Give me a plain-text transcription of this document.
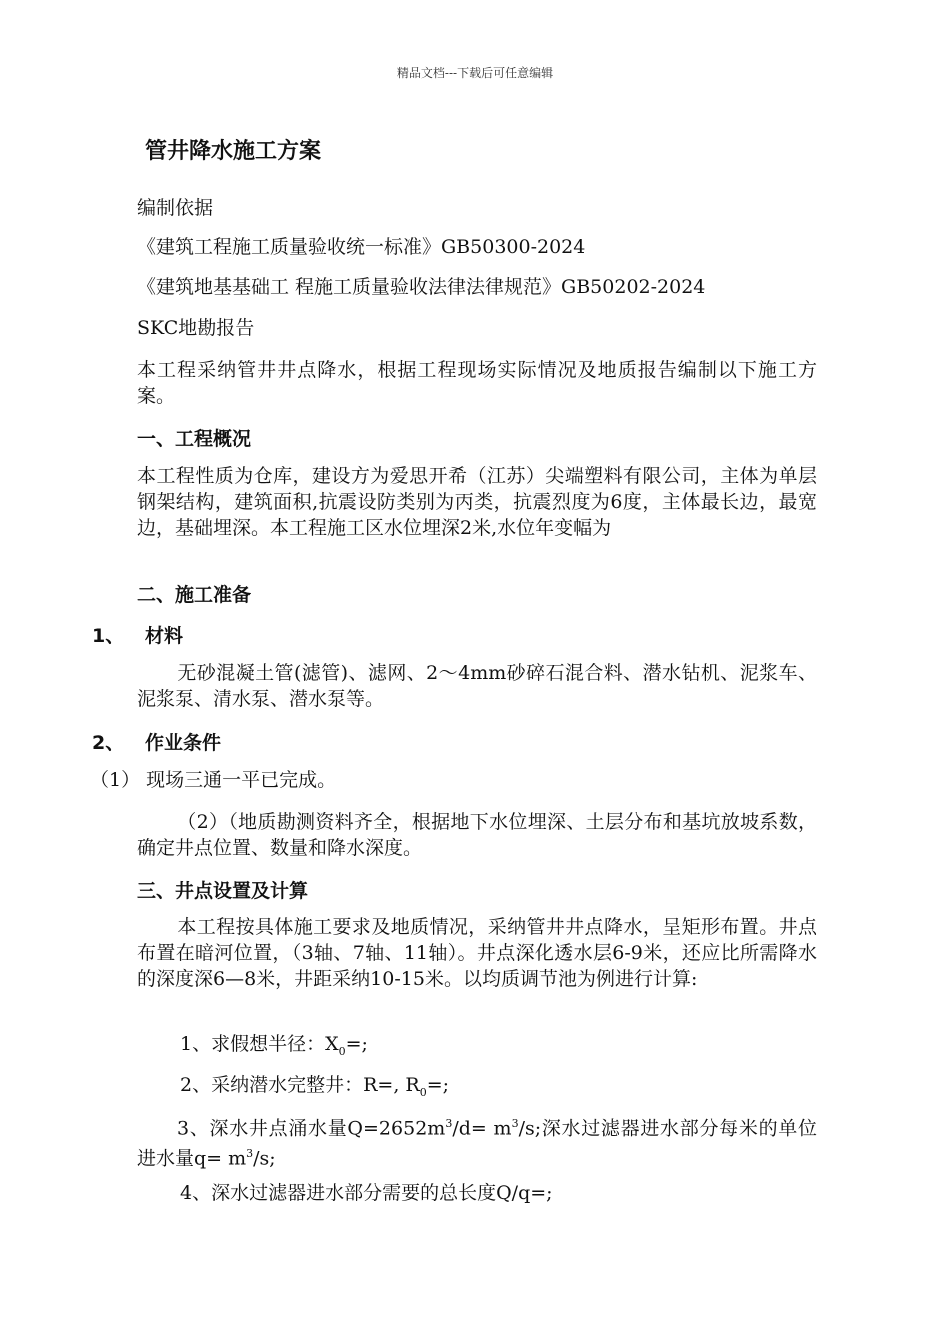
精品文档---下载后可任意编辑
管井降水施工方案
编制依据
《建筑工程施工质量验收统一标准》GB50300-2024
《建筑地基基础工 程施工质量验收法律法律规范》GB50202-2024
SKC地勘报告
本工程采纳管井井点降水，根据工程现场实际情况及地质报告编制以下施工方案。
一、工程概况
本工程性质为仓库，建设方为爱思开希（江苏）尖端塑料有限公司，主体为单层钢架结构，建筑面积,抗震设防类别为丙类，抗震烈度为6度，主体最长边，最宽边，基础埋深。本工程施工区水位埋深2米,水位年变幅为
二、施工准备
1、 材料
无砂混凝土管(滤管)、滤网、2～4mm砂碎石混合料、潜水钻机、泥浆车、泥浆泵、清水泵、潜水泵等。
2、 作业条件
（1） 现场三通一平已完成。
（2）（地质勘测资料齐全，根据地下水位埋深、土层分布和基坑放坡系数，确定井点位置、数量和降水深度。
三、井点设置及计算
本工程按具体施工要求及地质情况，采纳管井井点降水，呈矩形布置。井点布置在暗河位置，（3轴、7轴、11轴）。井点深化透水层6-9米，还应比所需降水的深度深6—8米，井距采纳10-15米。以均质调节池为例进行计算:
1、求假想半径：$X_0=$;
2、采纳潜水完整井：R=, $R_0=$;
3、深水井点涌水量$Q=2652m^3/d= m^3/s$;深水过滤器进水部分每米的单位进水量$q= m^3/s$;
4、深水过滤器进水部分需要的总长度Q/q=;
